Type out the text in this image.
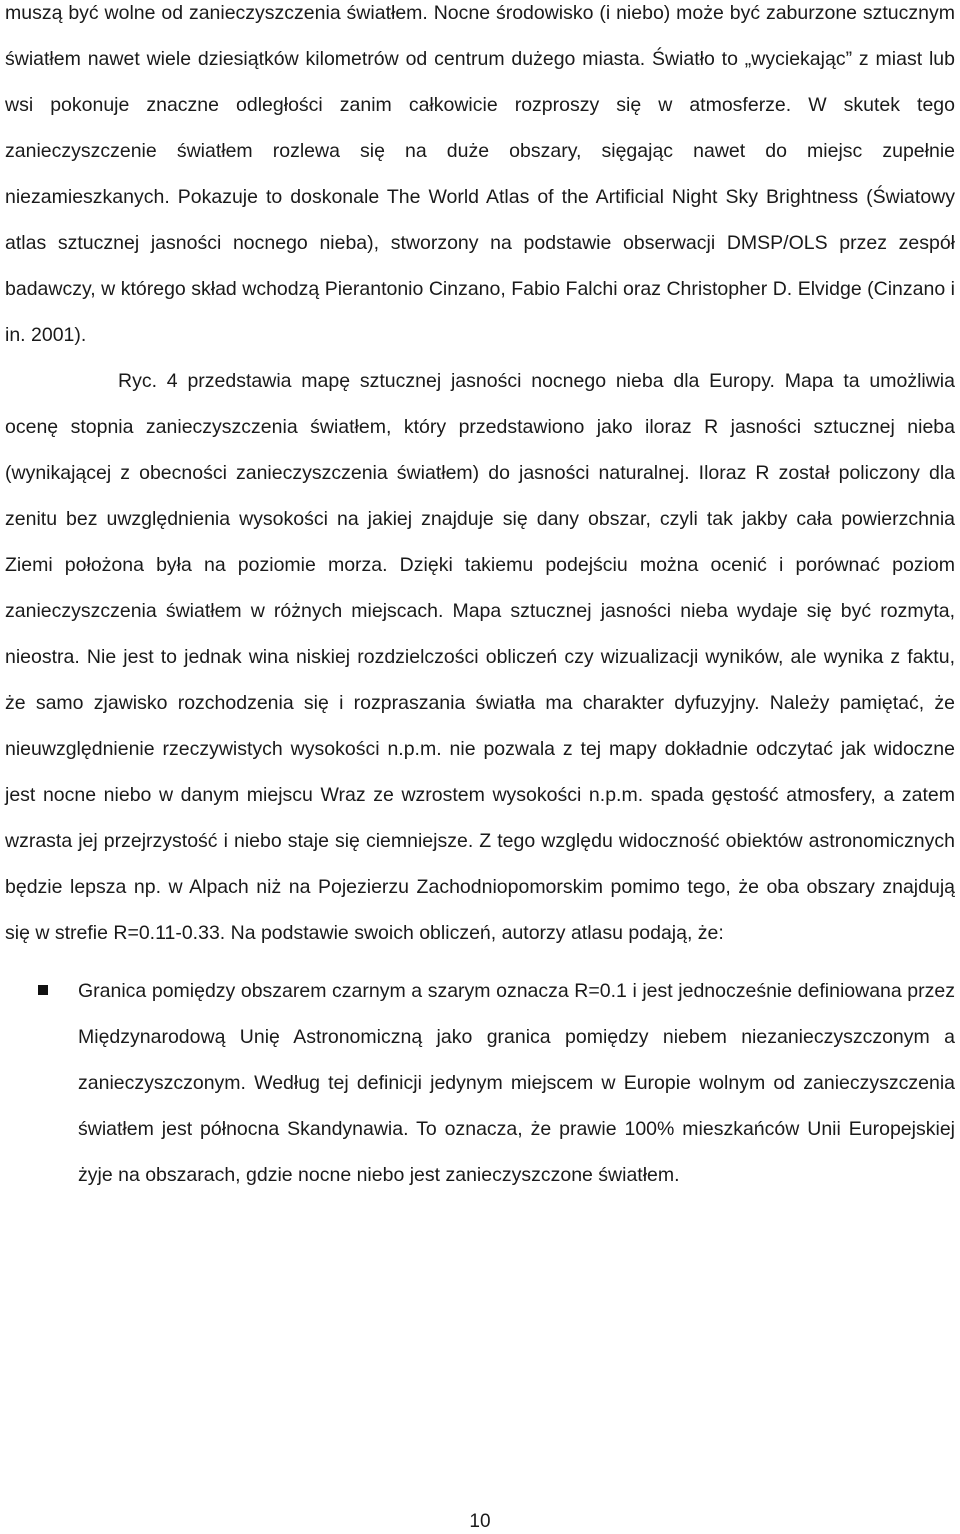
muszą być wolne od zanieczyszczenia światłem. Nocne środowisko (i niebo) może być zaburzone sztucznym światłem nawet wiele dziesiątków kilometrów od centrum dużego miasta. Światło to „wyciekając” z miast lub wsi pokonuje znaczne odległości zanim całkowicie rozproszy się w atmosferze. W skutek tego zanieczyszczenie światłem rozlewa się na duże obszary, sięgając nawet do miejsc zupełnie niezamieszkanych. Pokazuje to doskonale The World Atlas of the Artificial Night Sky Brightness (Światowy atlas sztucznej jasności nocnego nieba), stworzony na podstawie obserwacji DMSP/OLS przez zespół badawczy, w którego skład wchodzą Pierantonio Cinzano, Fabio Falchi oraz Christopher D. Elvidge (Cinzano i in. 2001).

Ryc. 4 przedstawia mapę sztucznej jasności nocnego nieba dla Europy. Mapa ta umożliwia ocenę stopnia zanieczyszczenia światłem, który przedstawiono jako iloraz R jasności sztucznej nieba (wynikającej z obecności zanieczyszczenia światłem) do jasności naturalnej. Iloraz R został policzony dla zenitu bez uwzględnienia wysokości na jakiej znajduje się dany obszar, czyli tak jakby cała powierzchnia Ziemi położona była na poziomie morza. Dzięki takiemu podejściu można ocenić i porównać poziom zanieczyszczenia światłem w różnych miejscach. Mapa sztucznej jasności nieba wydaje się być rozmyta, nieostra. Nie jest to jednak wina niskiej rozdzielczości obliczeń czy wizualizacji wyników, ale wynika z faktu, że samo zjawisko rozchodzenia się i rozpraszania światła ma charakter dyfuzyjny. Należy pamiętać, że nieuwzględnienie rzeczywistych wysokości n.p.m. nie pozwala z tej mapy dokładnie odczytać jak widoczne jest nocne niebo w danym miejscu Wraz ze wzrostem wysokości n.p.m. spada gęstość atmosfery, a zatem wzrasta jej przejrzystość i niebo staje się ciemniejsze. Z tego względu widoczność obiektów astronomicznych będzie lepsza np. w Alpach niż na Pojezierzu Zachodniopomorskim pomimo tego, że oba obszary znajdują się w strefie R=0.11-0.33. Na podstawie swoich obliczeń, autorzy atlasu podają, że:

Granica pomiędzy obszarem czarnym a szarym oznacza R=0.1 i jest jednocześnie definiowana przez Międzynarodową Unię Astronomiczną jako granica pomiędzy niebem niezanieczyszczonym a zanieczyszczonym. Według tej definicji jedynym miejscem w Europie wolnym od zanieczyszczenia światłem jest północna Skandynawia. To oznacza, że prawie 100% mieszkańców Unii Europejskiej żyje na obszarach, gdzie nocne niebo jest zanieczyszczone światłem.
10
